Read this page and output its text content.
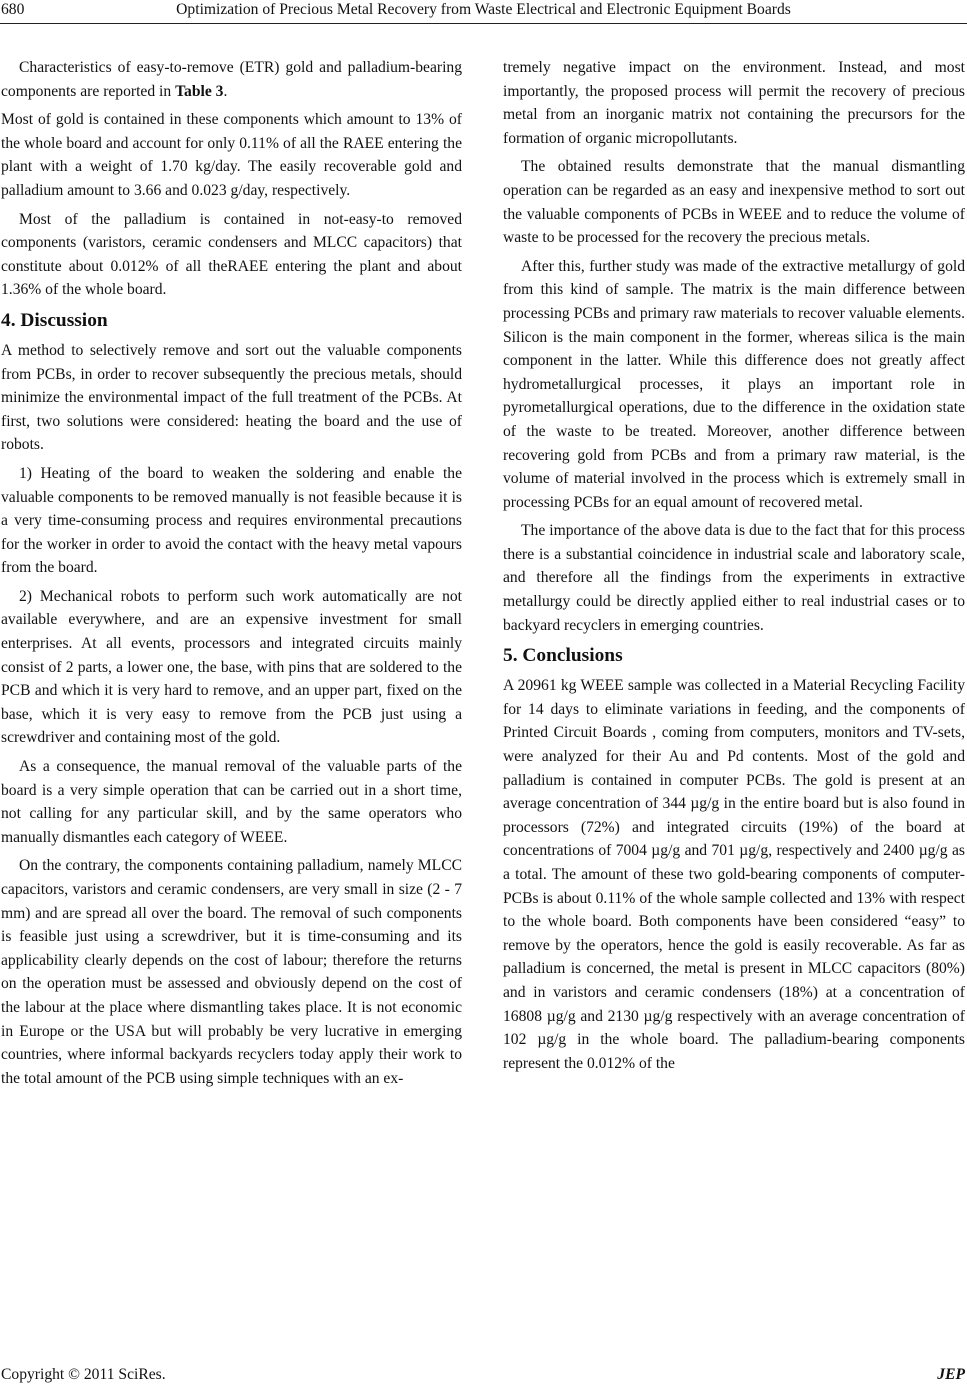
680	Optimization of Precious Metal Recovery from Waste Electrical and Electronic Equipment Boards

Characteristics of easy-to-remove (ETR) gold and palladium-bearing components are reported in Table 3.

Most of gold is contained in these components which amount to 13% of the whole board and account for only 0.11% of all the RAEE entering the plant with a weight of 1.70 kg/day. The easily recoverable gold and palladium amount to 3.66 and 0.023 g/day, respectively.

Most of the palladium is contained in not-easy-to removed components (varistors, ceramic condensers and MLCC capacitors) that constitute about 0.012% of all theRAEE entering the plant and about 1.36% of the whole board.

4. Discussion

A method to selectively remove and sort out the valuable components from PCBs, in order to recover subsequently the precious metals, should minimize the environmental impact of the full treatment of the PCBs. At first, two solutions were considered: heating the board and the use of robots.

1) Heating of the board to weaken the soldering and enable the valuable components to be removed manually is not feasible because it is a very time-consuming process and requires environmental precautions for the worker in order to avoid the contact with the heavy metal vapours from the board.

2) Mechanical robots to perform such work automatically are not available everywhere, and are an expensive investment for small enterprises. At all events, processors and integrated circuits mainly consist of 2 parts, a lower one, the base, with pins that are soldered to the PCB and which it is very hard to remove, and an upper part, fixed on the base, which it is very easy to remove from the PCB just using a screwdriver and containing most of the gold.

As a consequence, the manual removal of the valuable parts of the board is a very simple operation that can be carried out in a short time, not calling for any particular skill, and by the same operators who manually dismantles each category of WEEE.

On the contrary, the components containing palladium, namely MLCC capacitors, varistors and ceramic condensers, are very small in size (2 - 7 mm) and are spread all over the board. The removal of such components is feasible just using a screwdriver, but it is time-consuming and its applicability clearly depends on the cost of labour; therefore the returns on the operation must be assessed and obviously depend on the cost of the labour at the place where dismantling takes place. It is not economic in Europe or the USA but will probably be very lucrative in emerging countries, where informal backyards recyclers today apply their work to the total amount of the PCB using simple techniques with an ex-

tremely negative impact on the environment. Instead, and most importantly, the proposed process will permit the recovery of precious metal from an inorganic matrix not containing the precursors for the formation of organic micropollutants.

The obtained results demonstrate that the manual dismantling operation can be regarded as an easy and inexpensive method to sort out the valuable components of PCBs in WEEE and to reduce the volume of waste to be processed for the recovery the precious metals.

After this, further study was made of the extractive metallurgy of gold from this kind of sample. The matrix is the main difference between processing PCBs and primary raw materials to recover valuable elements. Silicon is the main component in the former, whereas silica is the main component in the latter. While this difference does not greatly affect hydrometallurgical processes, it plays an important role in pyrometallurgical operations, due to the difference in the oxidation state of the waste to be treated. Moreover, another difference between recovering gold from PCBs and from a primary raw material, is the volume of material involved in the process which is extremely small in processing PCBs for an equal amount of recovered metal.

The importance of the above data is due to the fact that for this process there is a substantial coincidence in industrial scale and laboratory scale, and therefore all the findings from the experiments in extractive metallurgy could be directly applied either to real industrial cases or to backyard recyclers in emerging countries.

5. Conclusions

A 20961 kg WEEE sample was collected in a Material Recycling Facility for 14 days to eliminate variations in feeding, and the components of Printed Circuit Boards , coming from computers, monitors and TV-sets, were analyzed for their Au and Pd contents. Most of the gold and palladium is contained in computer PCBs. The gold is present at an average concentration of 344 µg/g in the entire board but is also found in processors (72%) and integrated circuits (19%) of the board at concentrations of 7004 µg/g and 701 µg/g, respectively and 2400 µg/g as a total. The amount of these two gold-bearing components of computer-PCBs is about 0.11% of the whole sample collected and 13% with respect to the whole board. Both components have been considered “easy” to remove by the operators, hence the gold is easily recoverable. As far as palladium is concerned, the metal is present in MLCC capacitors (80%) and in varistors and ceramic condensers (18%) at a concentration of 16808 µg/g and 2130 µg/g respectively with an average concentration of 102 µg/g in the whole board. The palladium-bearing components represent the 0.012% of the

Copyright © 2011 SciRes.	JEP
